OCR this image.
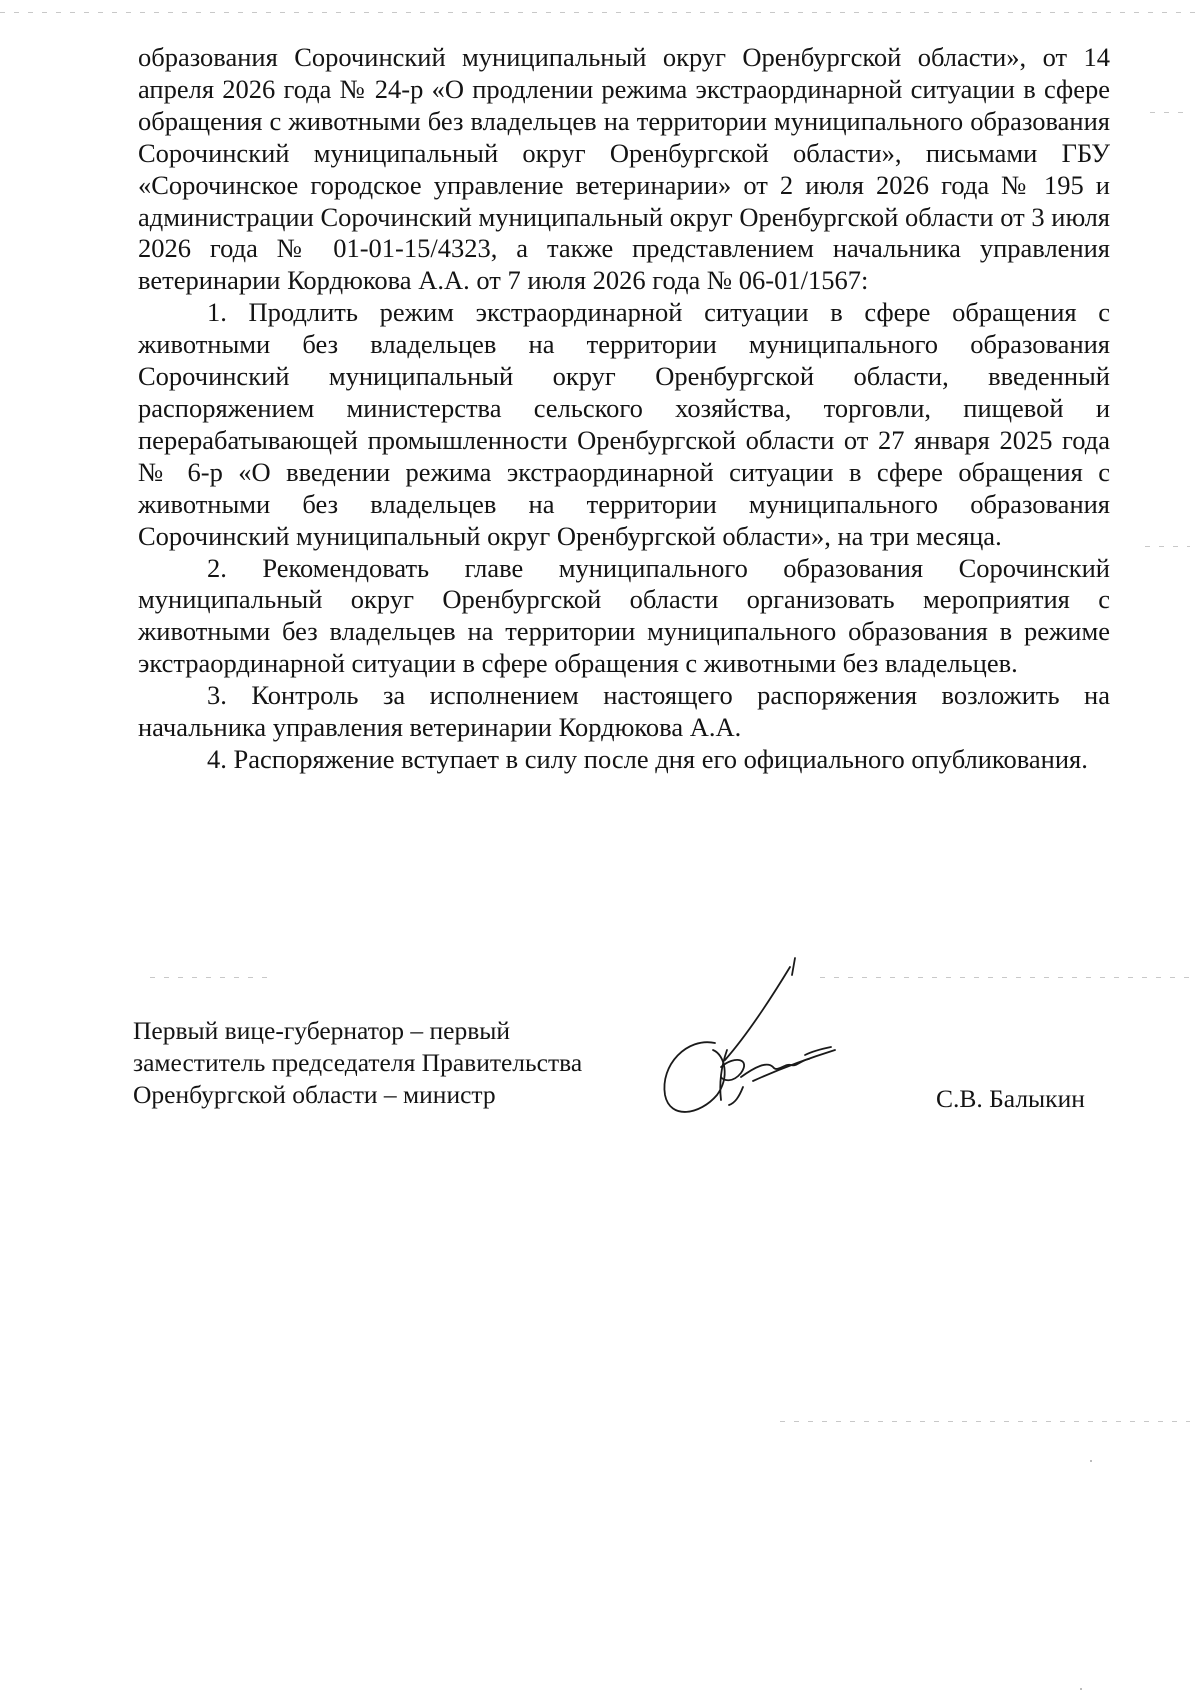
образования Сорочинский муниципальный округ Оренбургской области», от 14 апреля 2026 года № 24-р «О продлении режима экстраординарной ситуации в сфере обращения с животными без владельцев на территории муниципального образования Сорочинский муниципальный округ Оренбургской области», письмами ГБУ «Сорочинское городское управление ветеринарии» от 2 июля 2026 года № 195 и администрации Сорочинский муниципальный округ Оренбургской области от 3 июля 2026 года № 01-01-15/4323, а также представлением начальника управления ветеринарии Кордюкова А.А. от 7 июля 2026 года № 06-01/1567:

1. Продлить режим экстраординарной ситуации в сфере обращения с животными без владельцев на территории муниципального образования Сорочинский муниципальный округ Оренбургской области, введенный распоряжением министерства сельского хозяйства, торговли, пищевой и перерабатывающей промышленности Оренбургской области от 27 января 2025 года № 6-р «О введении режима экстраординарной ситуации в сфере обращения с животными без владельцев на территории муниципального образования Сорочинский муниципальный округ Оренбургской области», на три месяца.

2. Рекомендовать главе муниципального образования Сорочинский муниципальный округ Оренбургской области организовать мероприятия с животными без владельцев на территории муниципального образования в режиме экстраординарной ситуации в сфере обращения с животными без владельцев.

3. Контроль за исполнением настоящего распоряжения возложить на начальника управления ветеринарии Кордюкова А.А.

4. Распоряжение вступает в силу после дня его официального опубликования.

Первый вице-губернатор – первый
заместитель председателя Правительства
Оренбургской области – министр	С.В. Балыкин
